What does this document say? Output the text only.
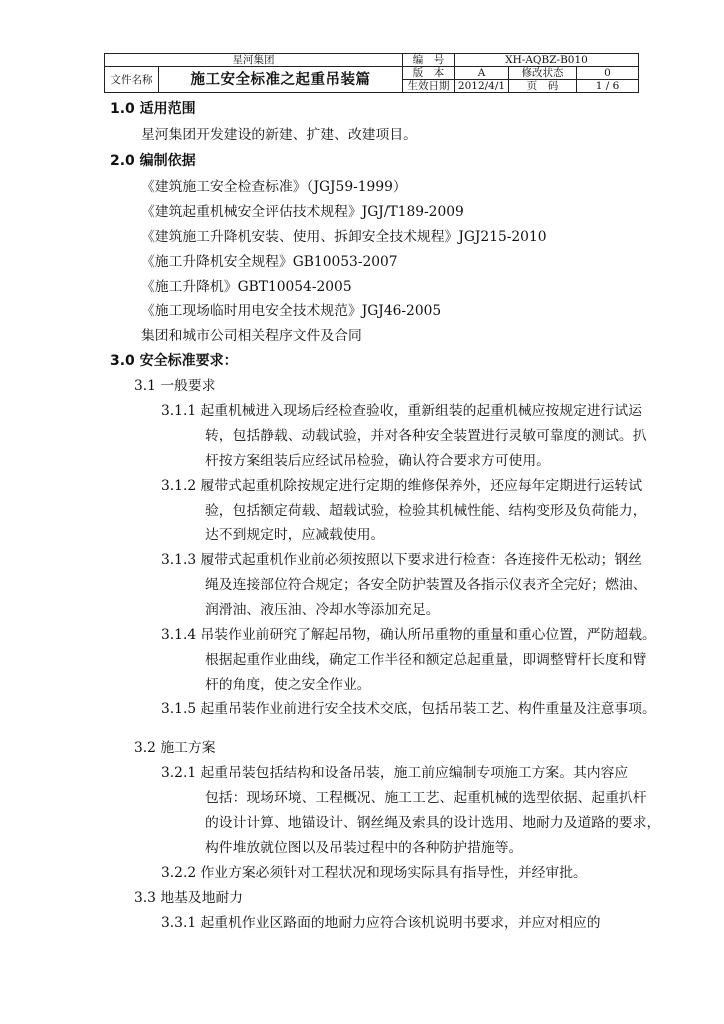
星河集团		编　号	XH-AQBZ-B010		
文件名称	施工安全标准之起重吊装篇	版　本	A	修改状态	0
		生效日期	2012/4/1	页　码	1 / 6
1.0 适用范围
星河集团开发建设的新建、扩建、改建项目。
2.0 编制依据
《建筑施工安全检查标准》（JGJ59-1999）
《建筑起重机械安全评估技术规程》JGJ/T189-2009
《建筑施工升降机安装、使用、拆卸安全技术规程》JGJ215-2010
《施工升降机安全规程》GB10053-2007
《施工升降机》GBT10054-2005
《施工现场临时用电安全技术规范》JGJ46-2005
集团和城市公司相关程序文件及合同
3.0 安全标准要求：
3.1 一般要求
3.1.1 起重机械进入现场后经检查验收，重新组装的起重机械应按规定进行试运
转，包括静载、动载试验，并对各种安全装置进行灵敏可靠度的测试。扒
杆按方案组装后应经试吊检验，确认符合要求方可使用。
3.1.2 履带式起重机除按规定进行定期的维修保养外，还应每年定期进行运转试
验，包括额定荷载、超载试验，检验其机械性能、结构变形及负荷能力，
达不到规定时，应减载使用。
3.1.3 履带式起重机作业前必须按照以下要求进行检查：各连接件无松动；钢丝
绳及连接部位符合规定；各安全防护装置及各指示仪表齐全完好；燃油、
润滑油、液压油、冷却水等添加充足。
3.1.4 吊装作业前研究了解起吊物，确认所吊重物的重量和重心位置，严防超载。
根据起重作业曲线，确定工作半径和额定总起重量，即调整臂杆长度和臂
杆的角度，使之安全作业。
3.1.5 起重吊装作业前进行安全技术交底，包括吊装工艺、构件重量及注意事项。
3.2 施工方案
3.2.1 起重吊装包括结构和设备吊装，施工前应编制专项施工方案。其内容应
包括：现场环境、工程概况、施工工艺、起重机械的选型依据、起重扒杆
的设计计算、地锚设计、钢丝绳及索具的设计选用、地耐力及道路的要求，
构件堆放就位图以及吊装过程中的各种防护措施等。
3.2.2 作业方案必须针对工程状况和现场实际具有指导性，并经审批。
3.3 地基及地耐力
3.3.1 起重机作业区路面的地耐力应符合该机说明书要求，并应对相应的
